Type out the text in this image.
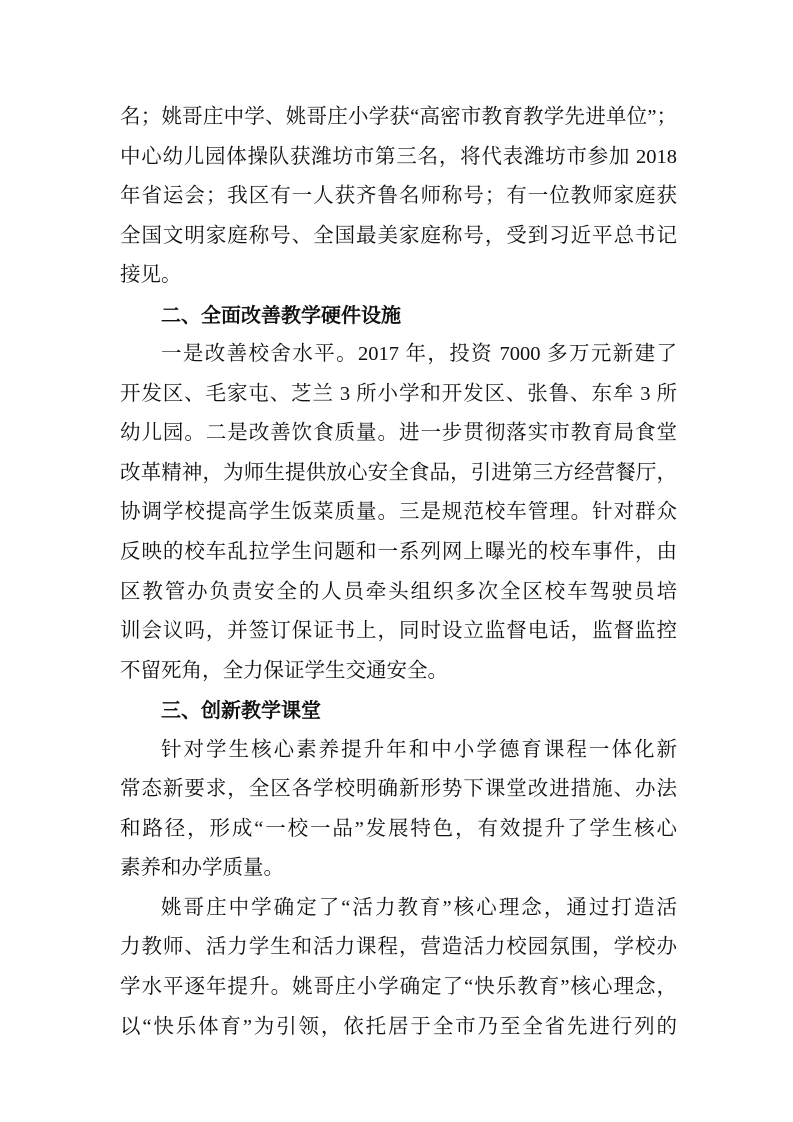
名；姚哥庄中学、姚哥庄小学获“高密市教育教学先进单位”；
中心幼儿园体操队获潍坊市第三名，将代表潍坊市参加 2018
年省运会；我区有一人获齐鲁名师称号；有一位教师家庭获
全国文明家庭称号、全国最美家庭称号，受到习近平总书记
接见。
二、全面改善教学硬件设施
一是改善校舍水平。2017 年，投资 7000 多万元新建了
开发区、毛家屯、芝兰 3 所小学和开发区、张鲁、东牟 3 所
幼儿园。二是改善饮食质量。进一步贯彻落实市教育局食堂
改革精神，为师生提供放心安全食品，引进第三方经营餐厅，
协调学校提高学生饭菜质量。三是规范校车管理。针对群众
反映的校车乱拉学生问题和一系列网上曝光的校车事件，由
区教管办负责安全的人员牵头组织多次全区校车驾驶员培
训会议吗，并签订保证书上，同时设立监督电话，监督监控
不留死角，全力保证学生交通安全。
三、创新教学课堂
针对学生核心素养提升年和中小学德育课程一体化新
常态新要求，全区各学校明确新形势下课堂改进措施、办法
和路径，形成“一校一品”发展特色，有效提升了学生核心
素养和办学质量。
姚哥庄中学确定了“活力教育”核心理念，通过打造活
力教师、活力学生和活力课程，营造活力校园氛围，学校办
学水平逐年提升。姚哥庄小学确定了“快乐教育”核心理念，
以“快乐体育”为引领，依托居于全市乃至全省先进行列的
